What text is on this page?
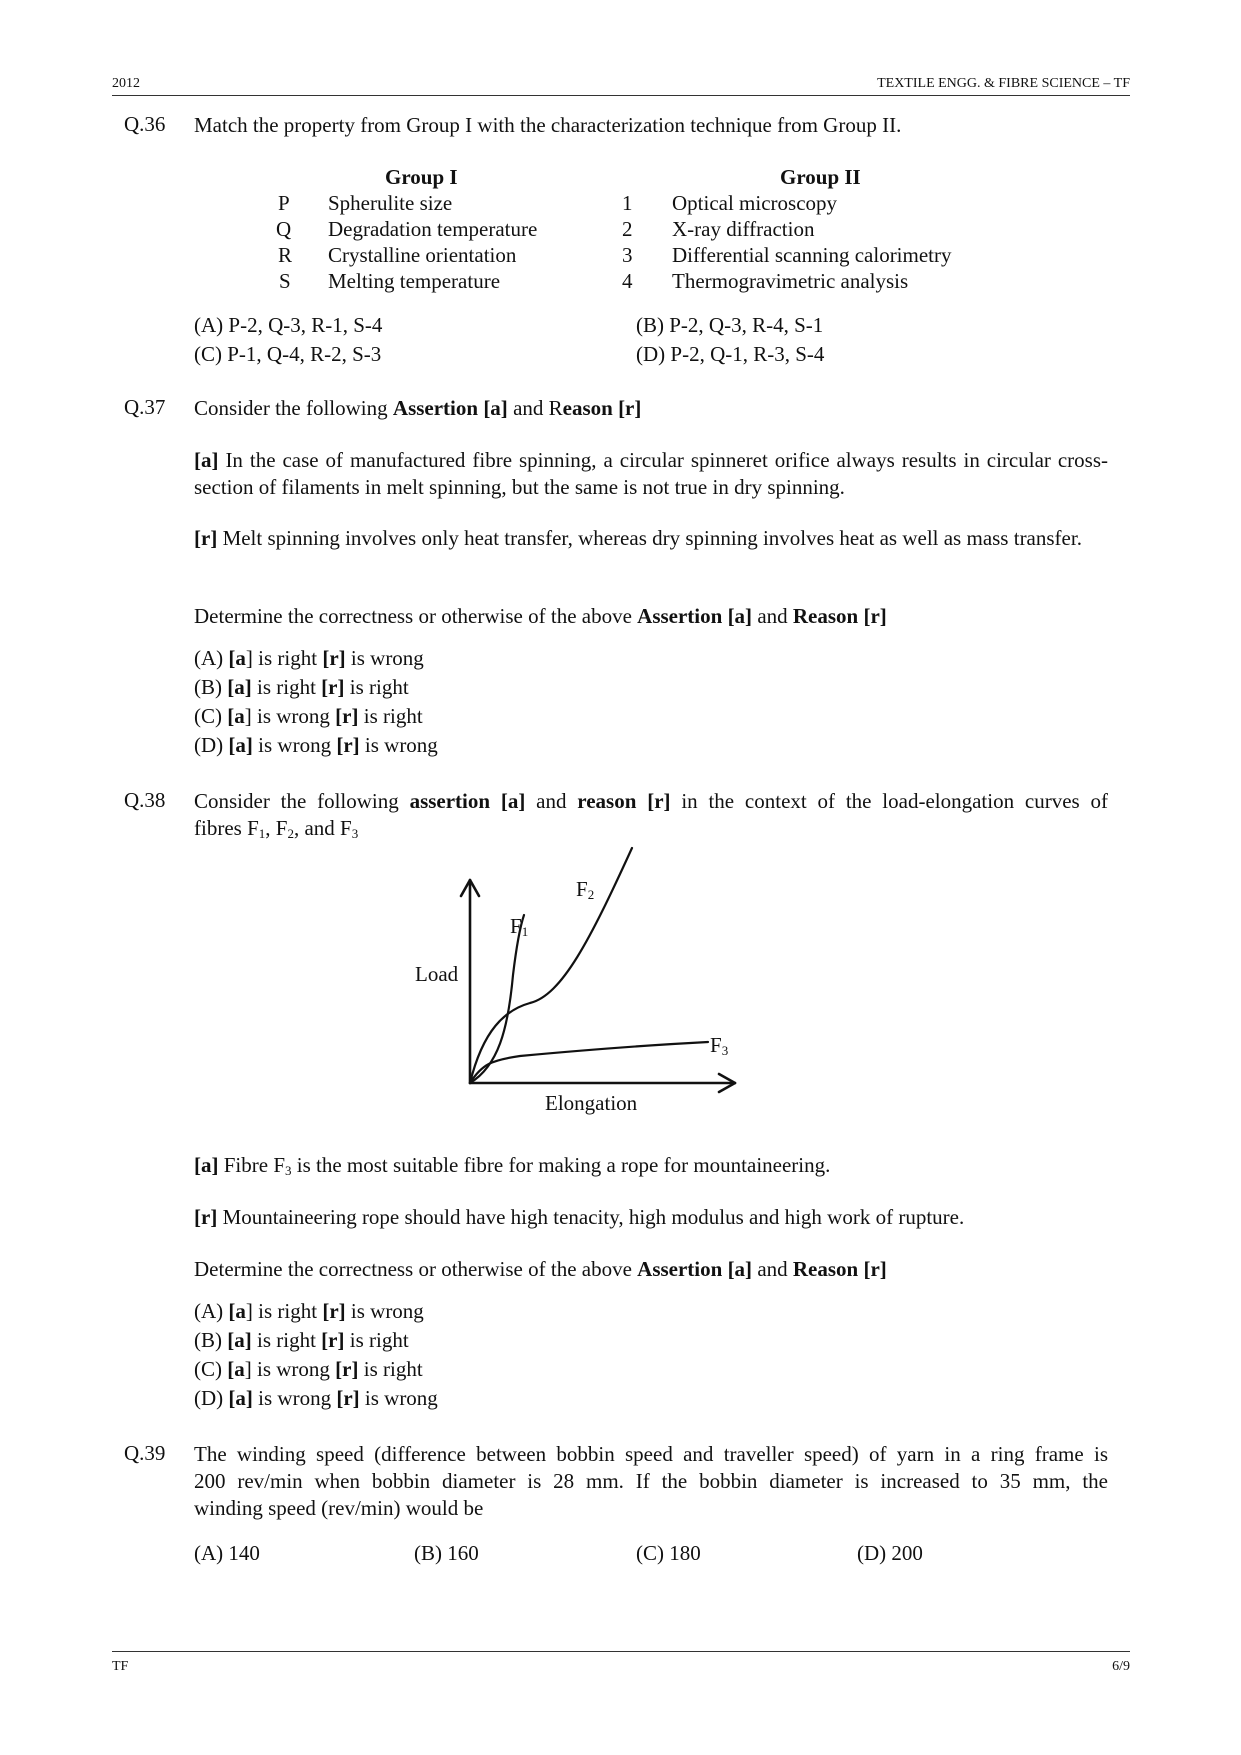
2012	TEXTILE ENGG. & FIBRE SCIENCE – TF
Q.36 Match the property from Group I with the characterization technique from Group II.
Group I	Group II
P Spherulite size	1 Optical microscopy
Q Degradation temperature	2 X-ray diffraction
R Crystalline orientation	3 Differential scanning calorimetry
S Melting temperature	4 Thermogravimetric analysis
(A) P-2, Q-3, R-1, S-4	(B) P-2, Q-3, R-4, S-1
(C) P-1, Q-4, R-2, S-3	(D) P-2, Q-1, R-3, S-4
Q.37 Consider the following Assertion [a] and Reason [r]
[a] In the case of manufactured fibre spinning, a circular spinneret orifice always results in circular cross-section of filaments in melt spinning, but the same is not true in dry spinning.
[r] Melt spinning involves only heat transfer, whereas dry spinning involves heat as well as mass transfer.
Determine the correctness or otherwise of the above Assertion [a] and Reason [r]
(A) [a] is right [r] is wrong
(B) [a] is right [r] is right
(C) [a] is wrong [r] is right
(D) [a] is wrong [r] is wrong
Q.38 Consider the following assertion [a] and reason [r] in the context of the load-elongation curves of
fibres $F_1$, $F_2$, and $F_3$
Load
Elongation
$F_1$
$F_2$
$F_3$
[a] Fibre $F_3$ is the most suitable fibre for making a rope for mountaineering.
[r] Mountaineering rope should have high tenacity, high modulus and high work of rupture.
Determine the correctness or otherwise of the above Assertion [a] and Reason [r]
(A) [a] is right [r] is wrong
(B) [a] is right [r] is right
(C) [a] is wrong [r] is right
(D) [a] is wrong [r] is wrong
Q.39 The winding speed (difference between bobbin speed and traveller speed) of yarn in a ring frame is
200 rev/min when bobbin diameter is 28 mm. If the bobbin diameter is increased to 35 mm, the
winding speed (rev/min) would be
(A) 140	(B) 160	(C) 180	(D) 200
TF	6/9
